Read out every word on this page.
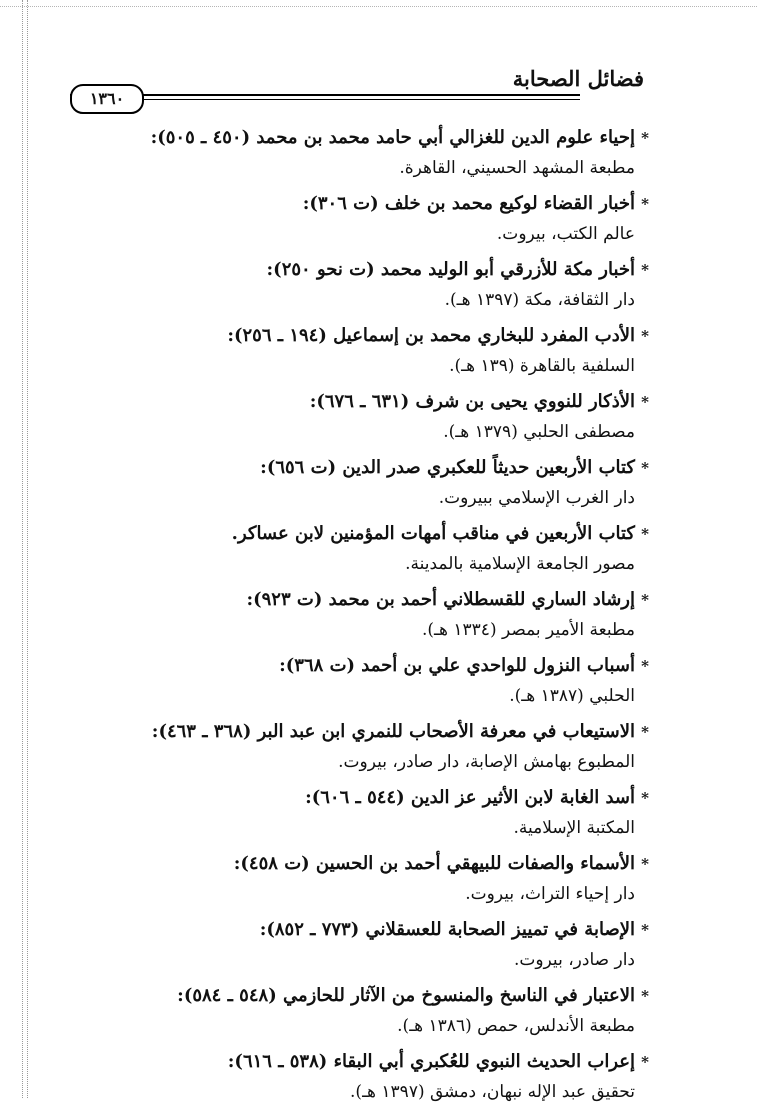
فضائل الصحابة
١٣٦٠
*إحياء علوم الدين للغزالي أبي حامد محمد بن محمد (٤٥٠ ـ ٥٠٥):
مطبعة المشهد الحسيني، القاهرة.
*أخبار القضاء لوكيع محمد بن خلف (ت ٣٠٦):
عالم الكتب، بيروت.
*أخبار مكة للأزرقي أبو الوليد محمد (ت نحو ٢٥٠):
دار الثقافة، مكة (١٣٩٧ هـ).
*الأدب المفرد للبخاري محمد بن إسماعيل (١٩٤ ـ ٢٥٦):
السلفية بالقاهرة (١٣٩ هـ).
*الأذكار للنووي يحيى بن شرف (٦٣١ ـ ٦٧٦):
مصطفى الحلبي (١٣٧٩ هـ).
*كتاب الأربعين حديثاً للعكبري صدر الدين (ت ٦٥٦):
دار الغرب الإسلامي ببيروت.
*كتاب الأربعين في مناقب أمهات المؤمنين لابن عساكر.
مصور الجامعة الإسلامية بالمدينة.
*إرشاد الساري للقسطلاني أحمد بن محمد (ت ٩٢٣):
مطبعة الأمير بمصر (١٣٣٤ هـ).
*أسباب النزول للواحدي علي بن أحمد (ت ٣٦٨):
الحلبي (١٣٨٧ هـ).
*الاستيعاب في معرفة الأصحاب للنمري ابن عبد البر (٣٦٨ ـ ٤٦٣):
المطبوع بهامش الإصابة، دار صادر، بيروت.
*أسد الغابة لابن الأثير عز الدين (٥٤٤ ـ ٦٠٦):
المكتبة الإسلامية.
*الأسماء والصفات للبيهقي أحمد بن الحسين (ت ٤٥٨):
دار إحياء التراث، بيروت.
*الإصابة في تمييز الصحابة للعسقلاني (٧٧٣ ـ ٨٥٢):
دار صادر، بيروت.
*الاعتبار في الناسخ والمنسوخ من الآثار للحازمي (٥٤٨ ـ ٥٨٤):
مطبعة الأندلس، حمص (١٣٨٦ هـ).
*إعراب الحديث النبوي للعُكبري أبي البقاء (٥٣٨ ـ ٦١٦):
تحقيق عبد الإله نبهان، دمشق (١٣٩٧ هـ).
